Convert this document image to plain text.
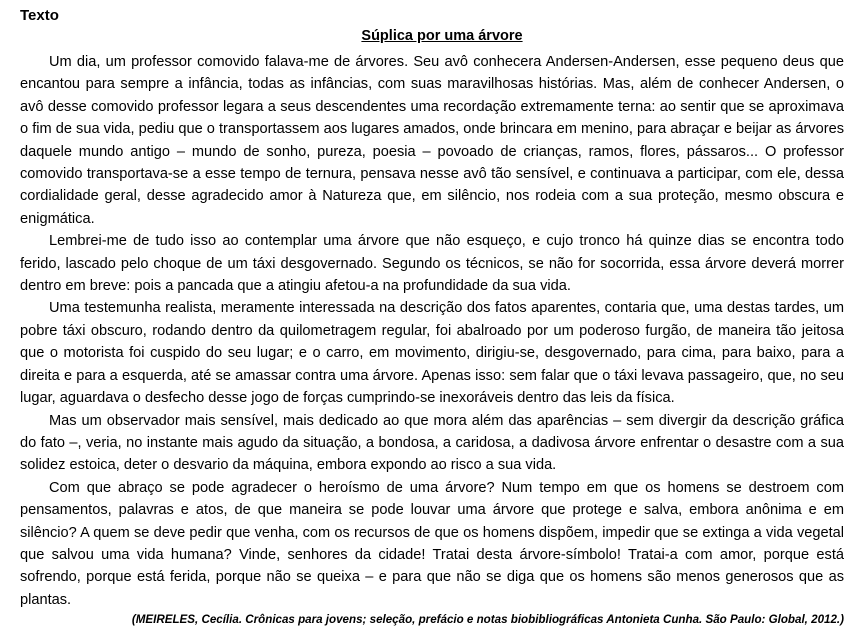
Texto

Súplica por uma árvore

Um dia, um professor comovido falava-me de árvores. Seu avô conhecera Andersen-Andersen, esse pequeno deus que encantou para sempre a infância, todas as infâncias, com suas maravilhosas histórias. Mas, além de conhecer Andersen, o avô desse comovido professor legara a seus descendentes uma recordação extremamente terna: ao sentir que se aproximava o fim de sua vida, pediu que o transportassem aos lugares amados, onde brincara em menino, para abraçar e beijar as árvores daquele mundo antigo – mundo de sonho, pureza, poesia – povoado de crianças, ramos, flores, pássaros... O professor comovido transportava-se a esse tempo de ternura, pensava nesse avô tão sensível, e continuava a participar, com ele, dessa cordialidade geral, desse agradecido amor à Natureza que, em silêncio, nos rodeia com a sua proteção, mesmo obscura e enigmática.

Lembrei-me de tudo isso ao contemplar uma árvore que não esqueço, e cujo tronco há quinze dias se encontra todo ferido, lascado pelo choque de um táxi desgovernado. Segundo os técnicos, se não for socorrida, essa árvore deverá morrer dentro em breve: pois a pancada que a atingiu afetou-a na profundidade da sua vida.

Uma testemunha realista, meramente interessada na descrição dos fatos aparentes, contaria que, uma destas tardes, um pobre táxi obscuro, rodando dentro da quilometragem regular, foi abalroado por um poderoso furgão, de maneira tão jeitosa que o motorista foi cuspido do seu lugar; e o carro, em movimento, dirigiu-se, desgovernado, para cima, para baixo, para a direita e para a esquerda, até se amassar contra uma árvore. Apenas isso: sem falar que o táxi levava passageiro, que, no seu lugar, aguardava o desfecho desse jogo de forças cumprindo-se inexoráveis dentro das leis da física.

Mas um observador mais sensível, mais dedicado ao que mora além das aparências – sem divergir da descrição gráfica do fato –, veria, no instante mais agudo da situação, a bondosa, a caridosa, a dadivosa árvore enfrentar o desastre com a sua solidez estoica, deter o desvario da máquina, embora expondo ao risco a sua vida.

Com que abraço se pode agradecer o heroísmo de uma árvore? Num tempo em que os homens se destroem com pensamentos, palavras e atos, de que maneira se pode louvar uma árvore que protege e salva, embora anônima e em silêncio? A quem se deve pedir que venha, com os recursos de que os homens dispõem, impedir que se extinga a vida vegetal que salvou uma vida humana? Vinde, senhores da cidade! Tratai desta árvore-símbolo! Tratai-a com amor, porque está sofrendo, porque está ferida, porque não se queixa – e para que não se diga que os homens são menos generosos que as plantas.

(MEIRELES, Cecília. Crônicas para jovens; seleção, prefácio e notas biobibliográficas Antonieta Cunha. São Paulo: Global, 2012.)
